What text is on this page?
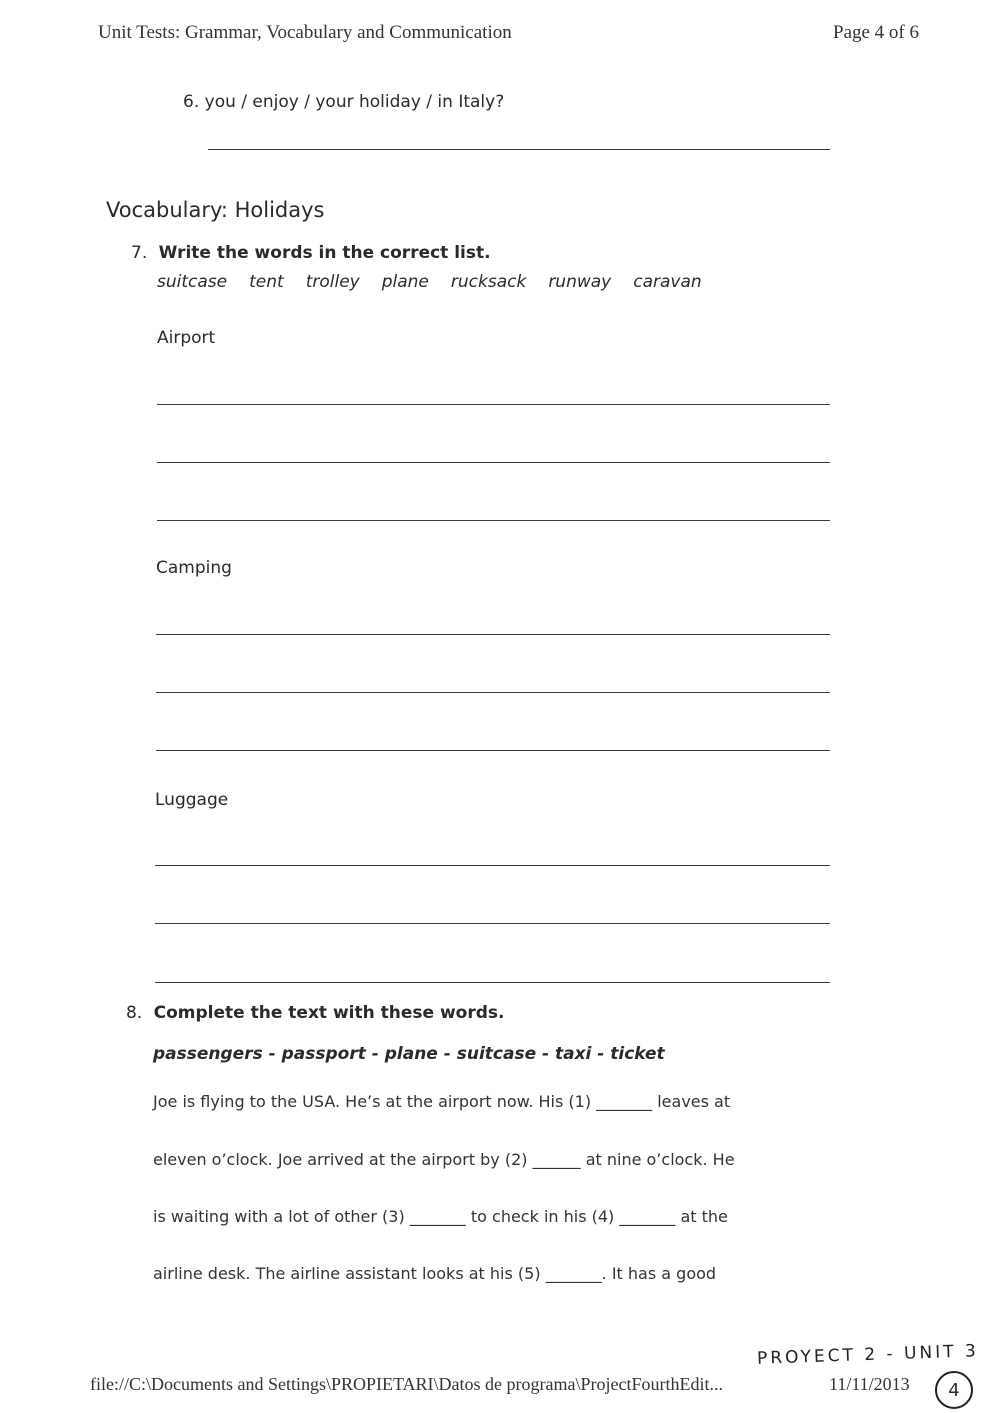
Unit Tests: Grammar, Vocabulary and Communication	Page 4 of 6
6. you / enjoy / your holiday / in Italy?
Vocabulary: Holidays
7. Write the words in the correct list.
suitcase tent trolley plane rucksack runway caravan
Airport
Camping
Luggage
8. Complete the text with these words.
passengers - passport - plane - suitcase - taxi - ticket
Joe is flying to the USA. He’s at the airport now. His (1) _______ leaves at
eleven o’clock. Joe arrived at the airport by (2) ______ at nine o’clock. He
is waiting with a lot of other (3) _______ to check in his (4) _______ at the
airline desk. The airline assistant looks at his (5) _______. It has a good
PROYECT 2 - UNIT 3
4
file://C:\Documents and Settings\PROPIETARI\Datos de programa\ProjectFourthEdit...	11/11/2013
